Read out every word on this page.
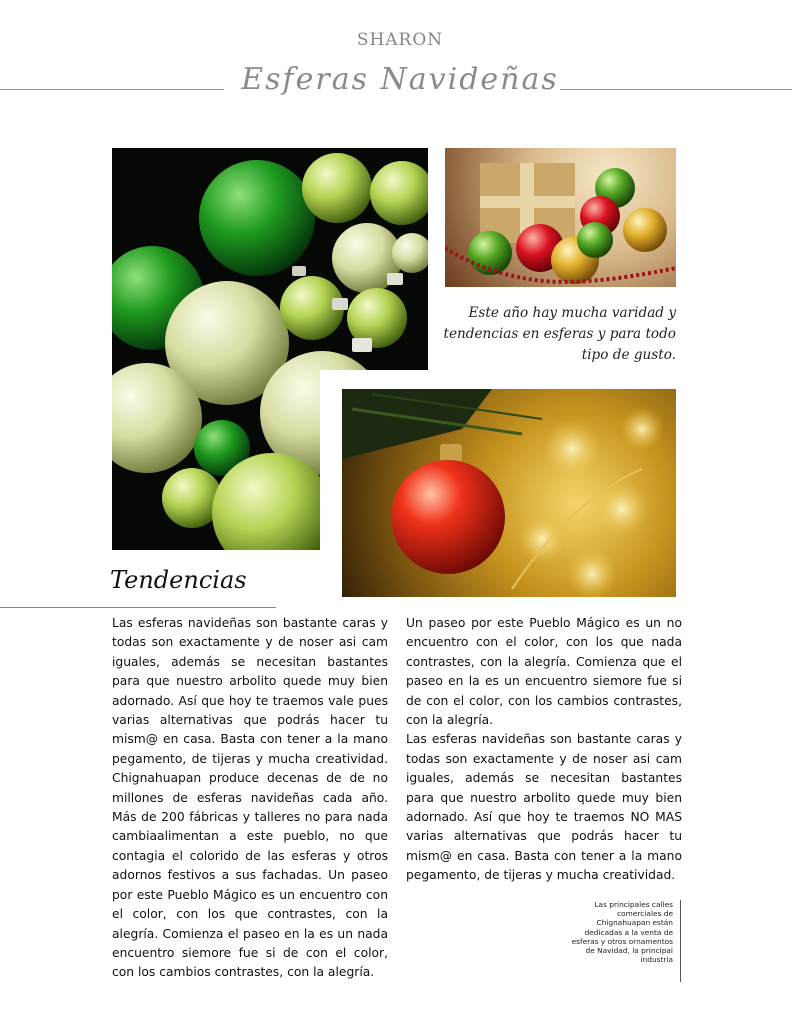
SHARON
Esferas Navideñas
Este año hay mucha varidad y tendencias en esferas y para todo tipo de gusto.
Tendencias

Las esferas navideñas son bastante caras y todas son exactamente y de noser asi cam iguales, además se necesitan bastantes para que nuestro arbolito quede muy bien adornado. Así que hoy te traemos vale pues varias alternativas que podrás hacer tu mism@ en casa. Basta con tener a la mano pegamento, de tijeras y mucha creatividad. Chignahuapan produce decenas de de no millones de esferas navideñas cada año. Más de 200 fábricas y talleres no para nada cambiaalimentan a este pueblo, no que contagia el colorido de las esferas y otros adornos festivos a sus fachadas. Un paseo por este Pueblo Mágico es un encuentro con el color, con los que contrastes, con la alegría. Comienza el paseo en la es un nada encuentro siemore fue si de con el color, con los cambios contrastes, con la alegría.

Un paseo por este Pueblo Mágico es un no encuentro con el color, con los que nada contrastes, con la alegría. Comienza que el paseo en la es un encuentro siemore fue si de con el color, con los cambios contrastes, con la alegría.

Las esferas navideñas son bastante caras y todas son exactamente y de noser asi cam iguales, además se necesitan bastantes para que nuestro arbolito quede muy bien adornado. Así que hoy te traemos NO MAS varias alternativas que podrás hacer tu mism@ en casa. Basta con tener a la mano pegamento, de tijeras y mucha creatividad.

Las principales calles comerciales de Chignahuapan están dedicadas a la venta de esferas y otros ornamentos de Navidad, la principal industria
